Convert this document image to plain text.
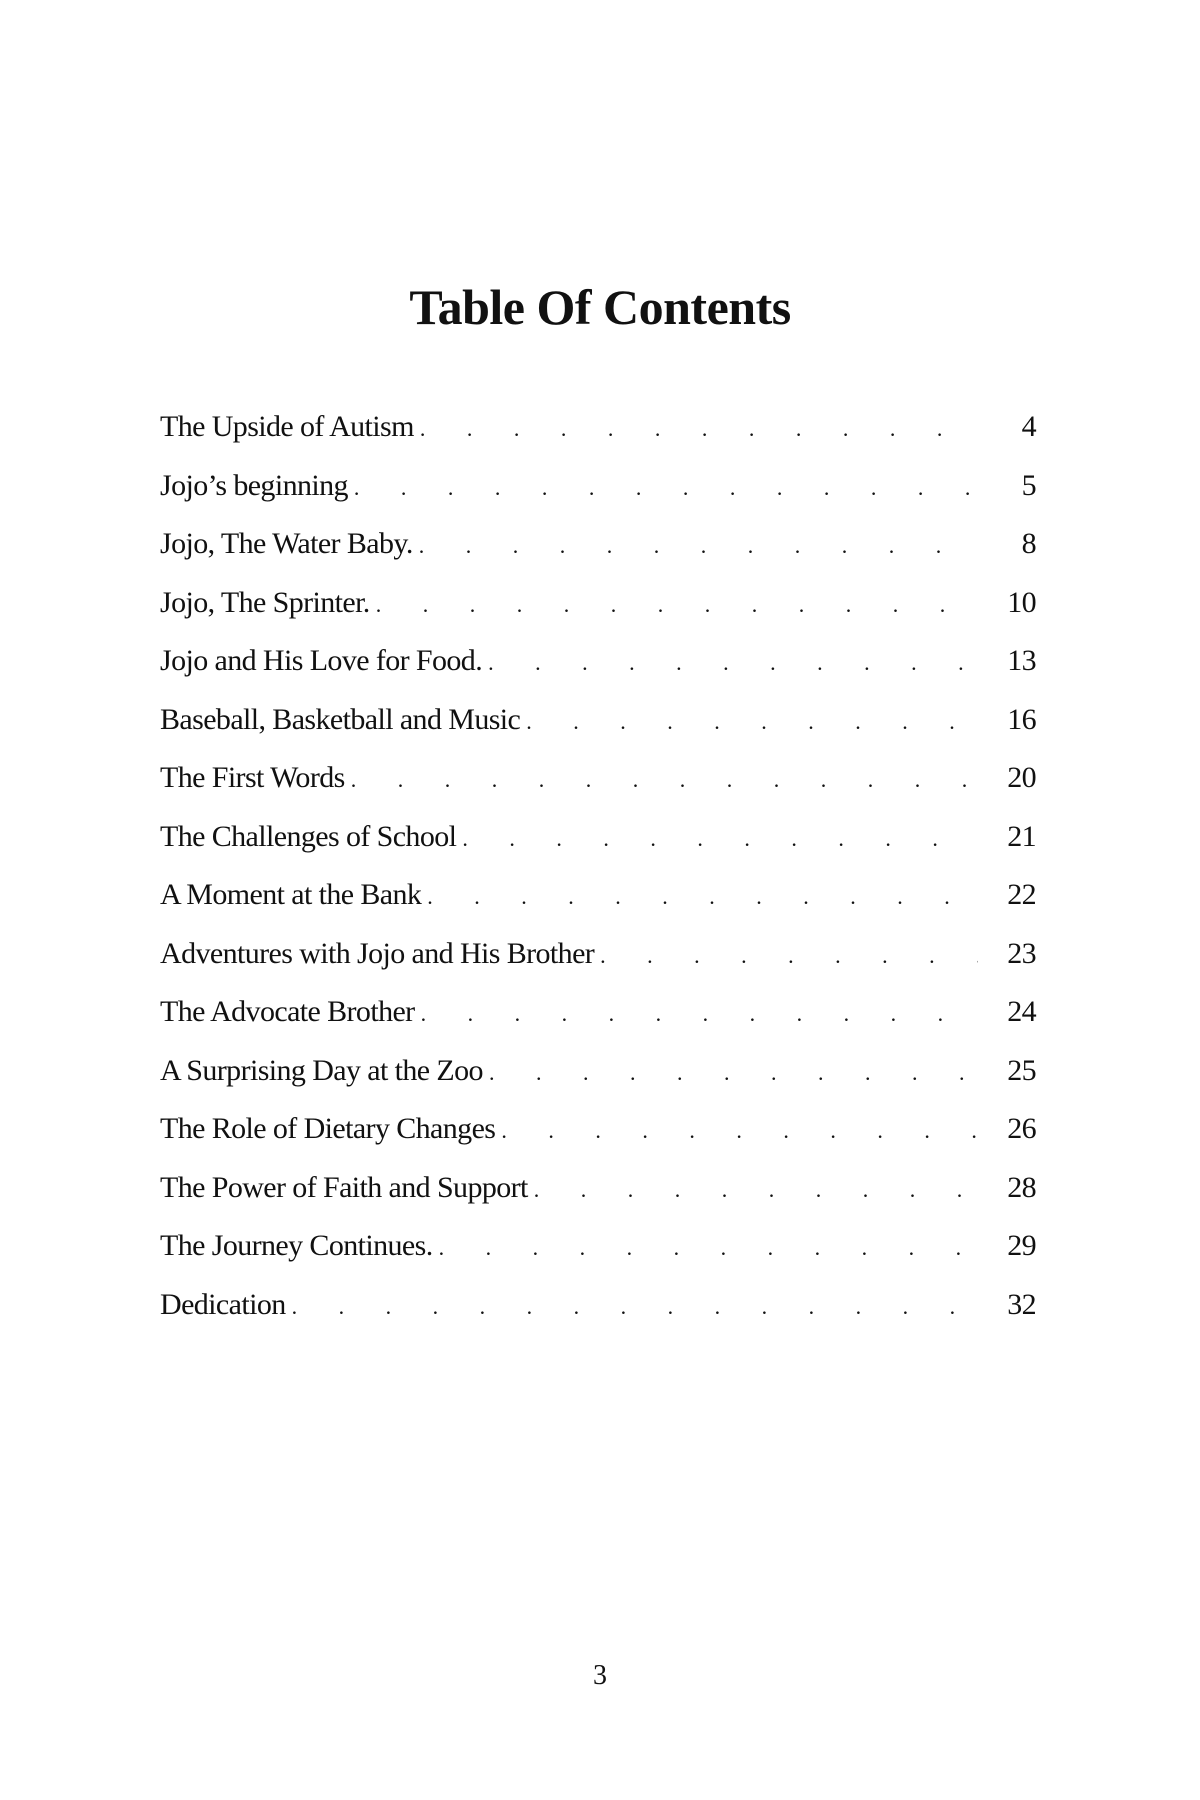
Table Of Contents
The Upside of Autism . . .	4
Jojo’s beginning . . .	5
Jojo, The Water Baby. . . .	8
Jojo, The Sprinter. . . .	10
Jojo and His Love for Food. . . .	13
Baseball, Basketball and Music . . .	16
The First Words . . .	20
The Challenges of School . . .	21
A Moment at the Bank . . .	22
Adventures with Jojo and His Brother . . .	23
The Advocate Brother . . .	24
A Surprising Day at the Zoo . . .	25
The Role of Dietary Changes . . .	26
The Power of Faith and Support . . .	28
The Journey Continues. . . .	29
Dedication . . .	32
3
